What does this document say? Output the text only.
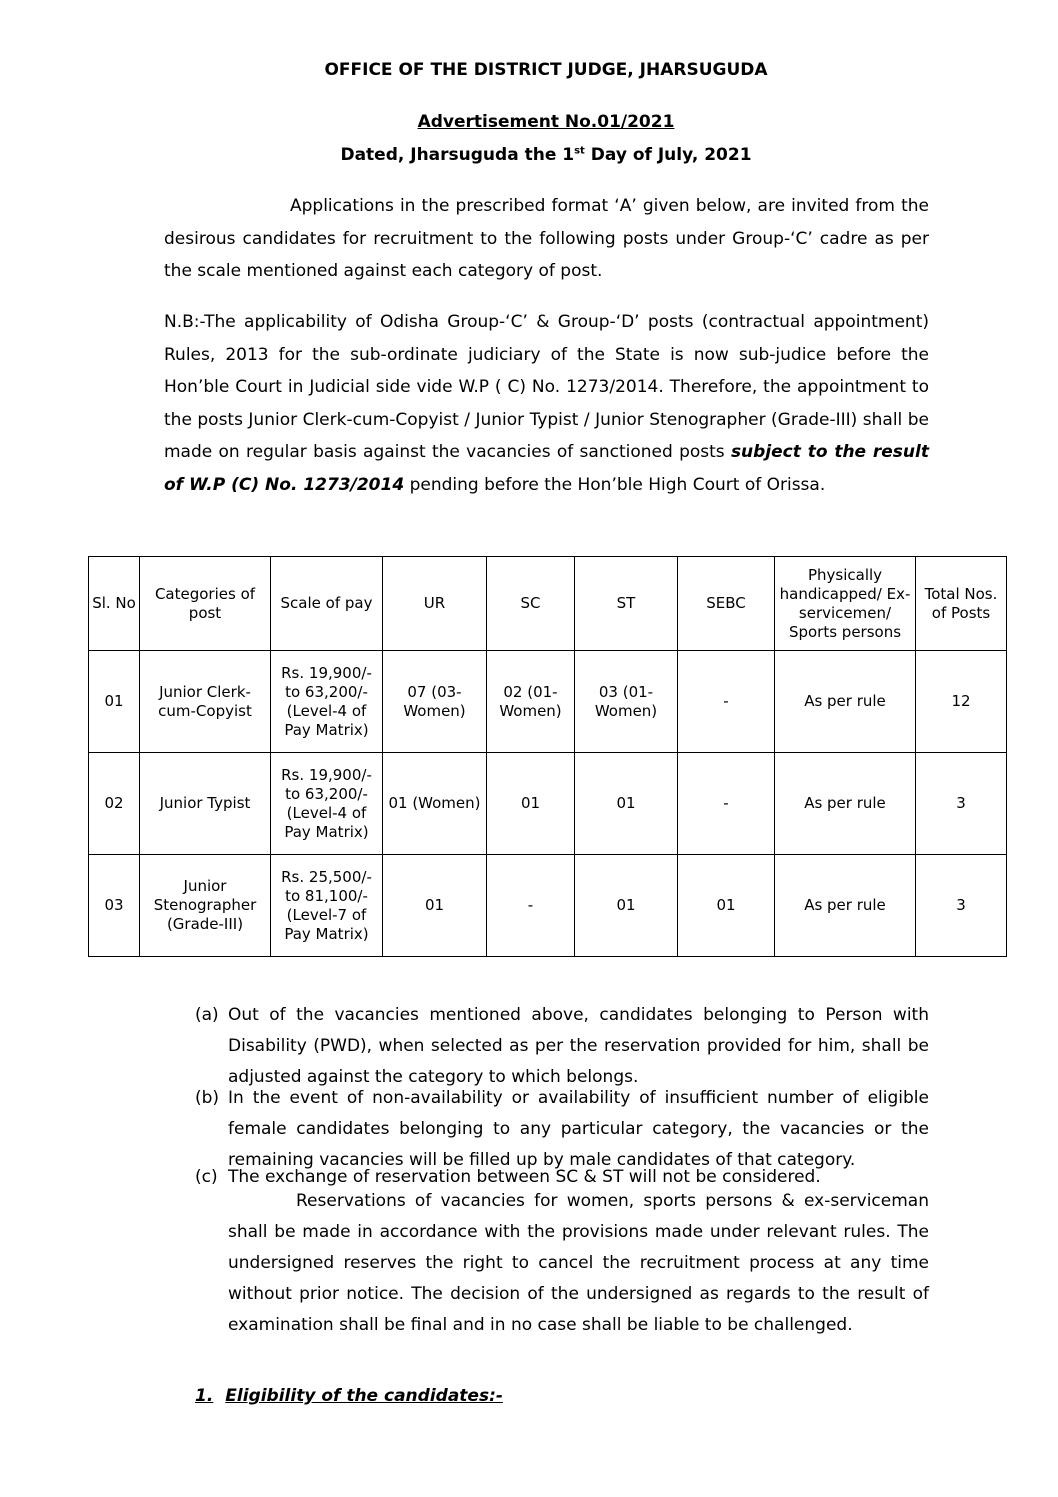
OFFICE OF THE DISTRICT JUDGE, JHARSUGUDA
Advertisement No.01/2021
Dated, Jharsuguda the 1st Day of July, 2021
Applications in the prescribed format ‘A’ given below, are invited from the desirous candidates for recruitment to the following posts under Group-‘C’ cadre as per the scale mentioned against each category of post.
N.B:-The applicability of Odisha Group-‘C’ & Group-‘D’ posts (contractual appointment) Rules, 2013 for the sub-ordinate judiciary of the State is now sub-judice before the Hon’ble Court in Judicial side vide W.P ( C) No. 1273/2014. Therefore, the appointment to the posts Junior Clerk-cum-Copyist / Junior Typist / Junior Stenographer (Grade-III) shall be made on regular basis against the vacancies of sanctioned posts subject to the result of W.P (C) No. 1273/2014 pending before the Hon’ble High Court of Orissa.
Sl. No	Categories of post	Scale of pay	UR	SC	ST	SEBC	Physically handicapped/ Ex-servicemen/ Sports persons	Total Nos. of Posts
01	Junior Clerk-cum-Copyist	Rs. 19,900/- to 63,200/- (Level-4 of Pay Matrix)	07 (03-Women)	02 (01-Women)	03 (01-Women)	-	As per rule	12
02	Junior Typist	Rs. 19,900/- to 63,200/- (Level-4 of Pay Matrix)	01 (Women)	01	01	-	As per rule	3
03	Junior Stenographer (Grade-III)	Rs. 25,500/- to 81,100/- (Level-7 of Pay Matrix)	01	-	01	01	As per rule	3
(a) Out of the vacancies mentioned above, candidates belonging to Person with Disability (PWD), when selected as per the reservation provided for him, shall be adjusted against the category to which belongs.
(b) In the event of non-availability or availability of insufficient number of eligible female candidates belonging to any particular category, the vacancies or the remaining vacancies will be filled up by male candidates of that category.
(c) The exchange of reservation between SC & ST will not be considered.
Reservations of vacancies for women, sports persons & ex-serviceman shall be made in accordance with the provisions made under relevant rules. The undersigned reserves the right to cancel the recruitment process at any time without prior notice. The decision of the undersigned as regards to the result of examination shall be final and in no case shall be liable to be challenged.
1. Eligibility of the candidates:-
